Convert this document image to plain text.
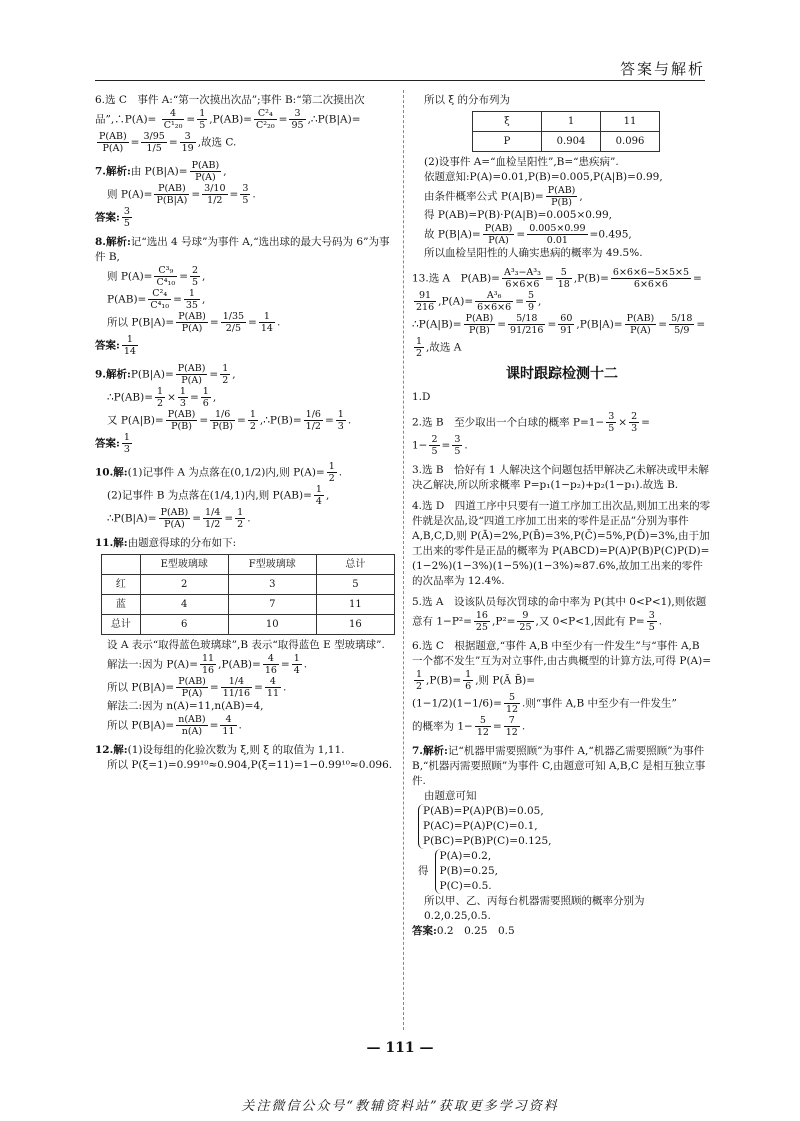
答案与解析
6.选 C　事件 A:“第一次摸出次品”;事件 B:“第二次摸出次品”,∴P(A)= $\frac{4}{\text{C¹₂₀}} = \frac{1}{5} ,P(AB)= \frac{\text{C²₄}}{\text{C²₂₀}} = \frac{3}{95}$ ,∴P(B|A)=
$\frac{P(AB)}{P(A)} = \frac{3/95}{1/5} = \frac{3}{19}$ ,故选 C.
7.解析:由 $P(B|A)= \frac{P(AB)}{P(A)}$ ,
则 $P(A)= \frac{P(AB)}{P(B|A)} = \frac{3/10}{1/2} = \frac{3}{5}$ .
答案: $\frac{3}{5}$
8.解析:记“选出 4 号球”为事件 A,“选出球的最大号码为 6”为事件 B,
则 $P(A)= \frac{\text{C³₉}}{\text{C⁴₁₀}} = \frac{2}{5}$ ,
$P(AB)= \frac{\text{C²₄}}{\text{C⁴₁₀}} = \frac{1}{35}$ ,
所以 $P(B|A)= \frac{P(AB)}{P(A)} = \frac{1/35}{2/5} = \frac{1}{14}$ .
答案: $\frac{1}{14}$
9.解析:P(B|A)= $\frac{P(AB)}{P(A)} = \frac{1}{2}$ ,
∴P(AB)= $\frac{1}{2} \times \frac{1}{3} = \frac{1}{6}$ ,
又 $P(A|B)= \frac{P(AB)}{P(B)} = \frac{1/6}{P(B)} = \frac{1}{2}$ ,∴P(B)= $\frac{1/6}{1/2} = \frac{1}{3}$ .
答案: $\frac{1}{3}$
10.解:(1)记事件 A 为点落在(0,1/2)内,则 $P(A)= \frac{1}{2}$ .
(2)记事件 B 为点落在(1/4,1)内,则 $P(AB)= \frac{1}{4}$ ,
∴P(B|A)= $\frac{P(AB)}{P(A)} = \frac{1/4}{1/2} = \frac{1}{2}$ .
11.解:由题意得球的分布如下:
	E型玻璃球	F型玻璃球	总计
红	2	3	5
蓝	4	7	11
总计	6	10	16
设 A 表示“取得蓝色玻璃球”,B 表示“取得蓝色 E 型玻璃球”.
解法一:因为 $P(A)= \frac{11}{16} ,P(AB)= \frac{4}{16} = \frac{1}{4}$ .
所以 $P(B|A)= \frac{P(AB)}{P(A)} = \frac{1/4}{11/16} = \frac{4}{11}$ .
解法二:因为 n(A)=11,n(AB)=4,
所以 $P(B|A)= \frac{n(AB)}{n(A)} = \frac{4}{11}$ .
12.解:(1)设每组的化验次数为 ξ,则 ξ 的取值为 1,11.
所以 P(ξ=1)=0.99¹⁰≈0.904,P(ξ=11)=1−0.99¹⁰≈0.096.
所以 ξ 的分布列为
ξ	1	11
P	0.904	0.096
(2)设事件 A=“血检呈阳性”,B=“患疾病”.
依题意知:P(A)=0.01,P(B)=0.005,P(A|B)=0.99,
由条件概率公式 $P(A|B)= \frac{P(AB)}{P(B)}$ ,
得 P(AB)=P(B)·P(A|B)=0.005×0.99,
故 $P(B|A)= \frac{P(AB)}{P(A)} = \frac{0.005\times 0.99}{0.01} =0.495$,
所以血检呈阳性的人确实患病的概率为 49.5%.
13.选 A　$P(AB)= \frac{\text{A³₃−A³₃}}{6\times 6\times 6} = \frac{5}{18} ,P(B)= \frac{6\times 6\times 6-5\times 5\times 5}{6\times 6\times 6}$ =
$\frac{91}{216} ,P(A)= \frac{\text{A³₆}}{6\times 6\times 6} = \frac{5}{9}$ ,
∴P(A|B)= $\frac{P(AB)}{P(B)} = \frac{5/18}{91/216} = \frac{60}{91} ,P(B|A)= \frac{P(AB)}{P(A)} = \frac{5/18}{5/9}$ =
$\frac{1}{2}$ ,故选 A
课时跟踪检测十二
1.D
2.选 B　至少取出一个白球的概率 $P=1- \frac{3}{5} \times \frac{2}{3}$ =
$1- \frac{2}{5} = \frac{3}{5}$ .
3.选 B　恰好有 1 人解决这个问题包括甲解决乙未解决或甲未解决乙解决,所以所求概率 P=p₁(1−p₂)+p₂(1−p₁).故选 B.
4.选 D　四道工序中只要有一道工序加工出次品,则加工出来的零件就是次品,设“四道工序加工出来的零件是正品”分别为事件 A,B,C,D,则 P(Ā)=2%,P(B̄)=3%,P(C̄)=5%,P(D̄)=3%,由于加工出来的零件是正品的概率为 P(ABCD)=P(A)P(B)P(C)P(D)=(1−2%)(1−3%)(1−5%)(1−3%)≈87.6%,故加工出来的零件的次品率为 12.4%.
5.选 A　设该队员每次罚球的命中率为 P(其中 0<P<1),则依题意有 $1-P^2= \frac{16}{25} ,P^2= \frac{9}{25}$ ,又 0<P<1,因此有 $P= \frac{3}{5}$ .
6.选 C　根据题意,“事件 A,B 中至少有一件发生”与“事件 A,B 一个都不发生”互为对立事件,由古典概型的计算方法,可得 P(A)=
$\frac{1}{2} ,P(B)= \frac{1}{6}$ ,则 P(Ā B̄)=
$(1-1/2)(1-1/6)= \frac{5}{12}$ .则“事件 A,B 中至少有一件发生”
的概率为 $1- \frac{5}{12} = \frac{7}{12}$ .
7.解析:记“机器甲需要照顾”为事件 A,“机器乙需要照顾”为事件 B,“机器丙需要照顾”为事件 C,由题意可知 A,B,C 是相互独立事件.
由题意可知
P(AB)=P(A)P(B)=0.05,
P(AC)=P(A)P(C)=0.1,
P(BC)=P(B)P(C)=0.125,
得
P(A)=0.2,
P(B)=0.25,
P(C)=0.5.
所以甲、乙、丙每台机器需要照顾的概率分别为 0.2,0.25,0.5.
答案:0.2　0.25　0.5
— 111 —
关注微信公众号“教辅资料站”获取更多学习资料
